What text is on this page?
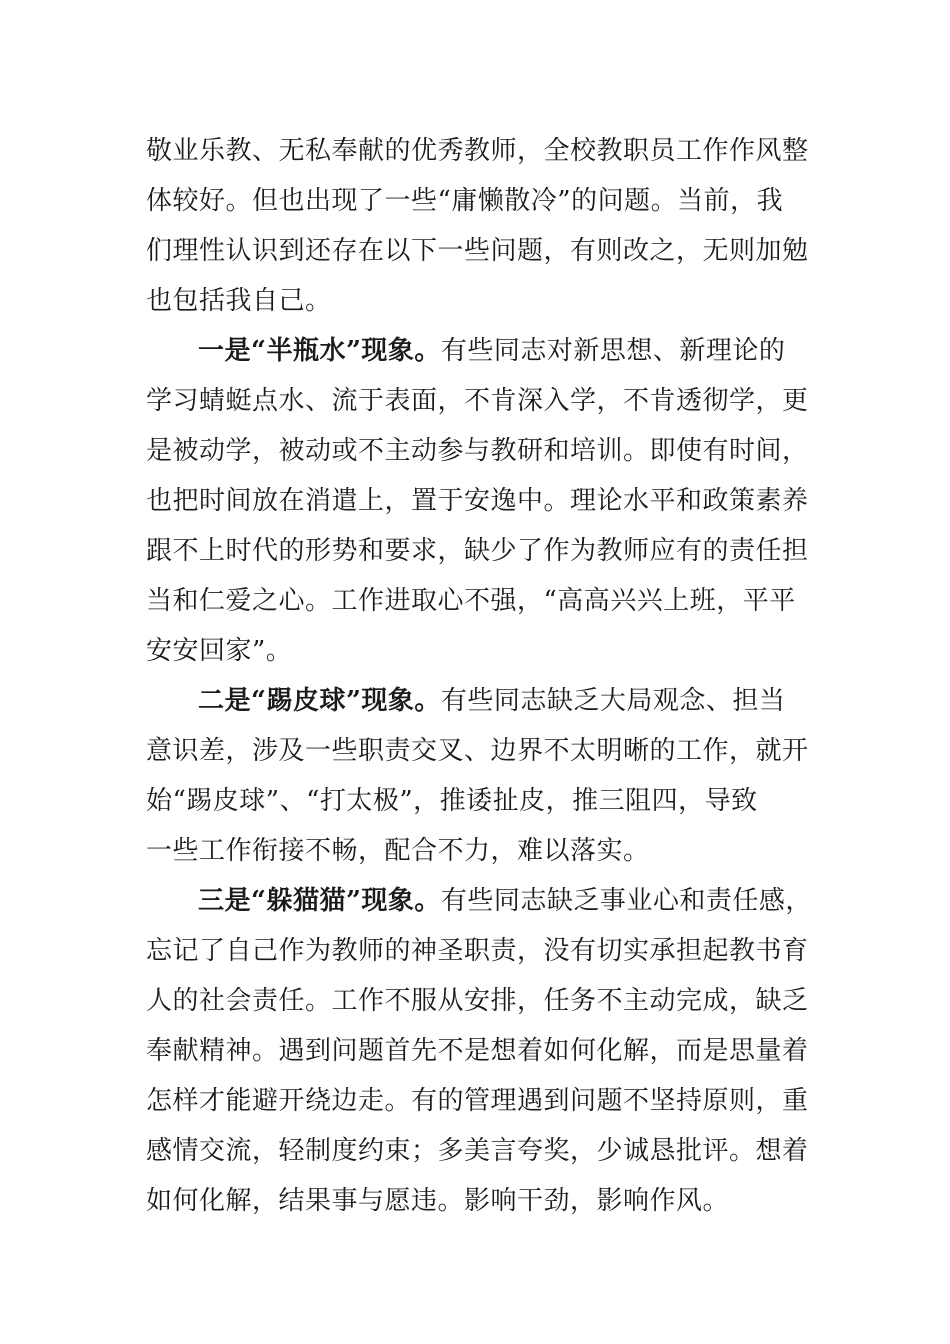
敬业乐教、无私奉献的优秀教师，全校教职员工作作风整
体较好。但也出现了一些“庸懒散冷”的问题。当前，我
们理性认识到还存在以下一些问题，有则改之，无则加勉
也包括我自己。
一是“半瓶水”现象。有些同志对新思想、新理论的
学习蜻蜓点水、流于表面，不肯深入学，不肯透彻学，更
是被动学，被动或不主动参与教研和培训。即使有时间，
也把时间放在消遣上，置于安逸中。理论水平和政策素养
跟不上时代的形势和要求，缺少了作为教师应有的责任担
当和仁爱之心。工作进取心不强，“高高兴兴上班，平平
安安回家”。
二是“踢皮球”现象。有些同志缺乏大局观念、担当
意识差，涉及一些职责交叉、边界不太明晰的工作，就开
始“踢皮球”、“打太极”，推诿扯皮，推三阻四，导致
一些工作衔接不畅，配合不力，难以落实。
三是“躲猫猫”现象。有些同志缺乏事业心和责任感，
忘记了自己作为教师的神圣职责，没有切实承担起教书育
人的社会责任。工作不服从安排，任务不主动完成，缺乏
奉献精神。遇到问题首先不是想着如何化解，而是思量着
怎样才能避开绕边走。有的管理遇到问题不坚持原则，重
感情交流，轻制度约束；多美言夸奖，少诚恳批评。想着
如何化解，结果事与愿违。影响干劲，影响作风。
